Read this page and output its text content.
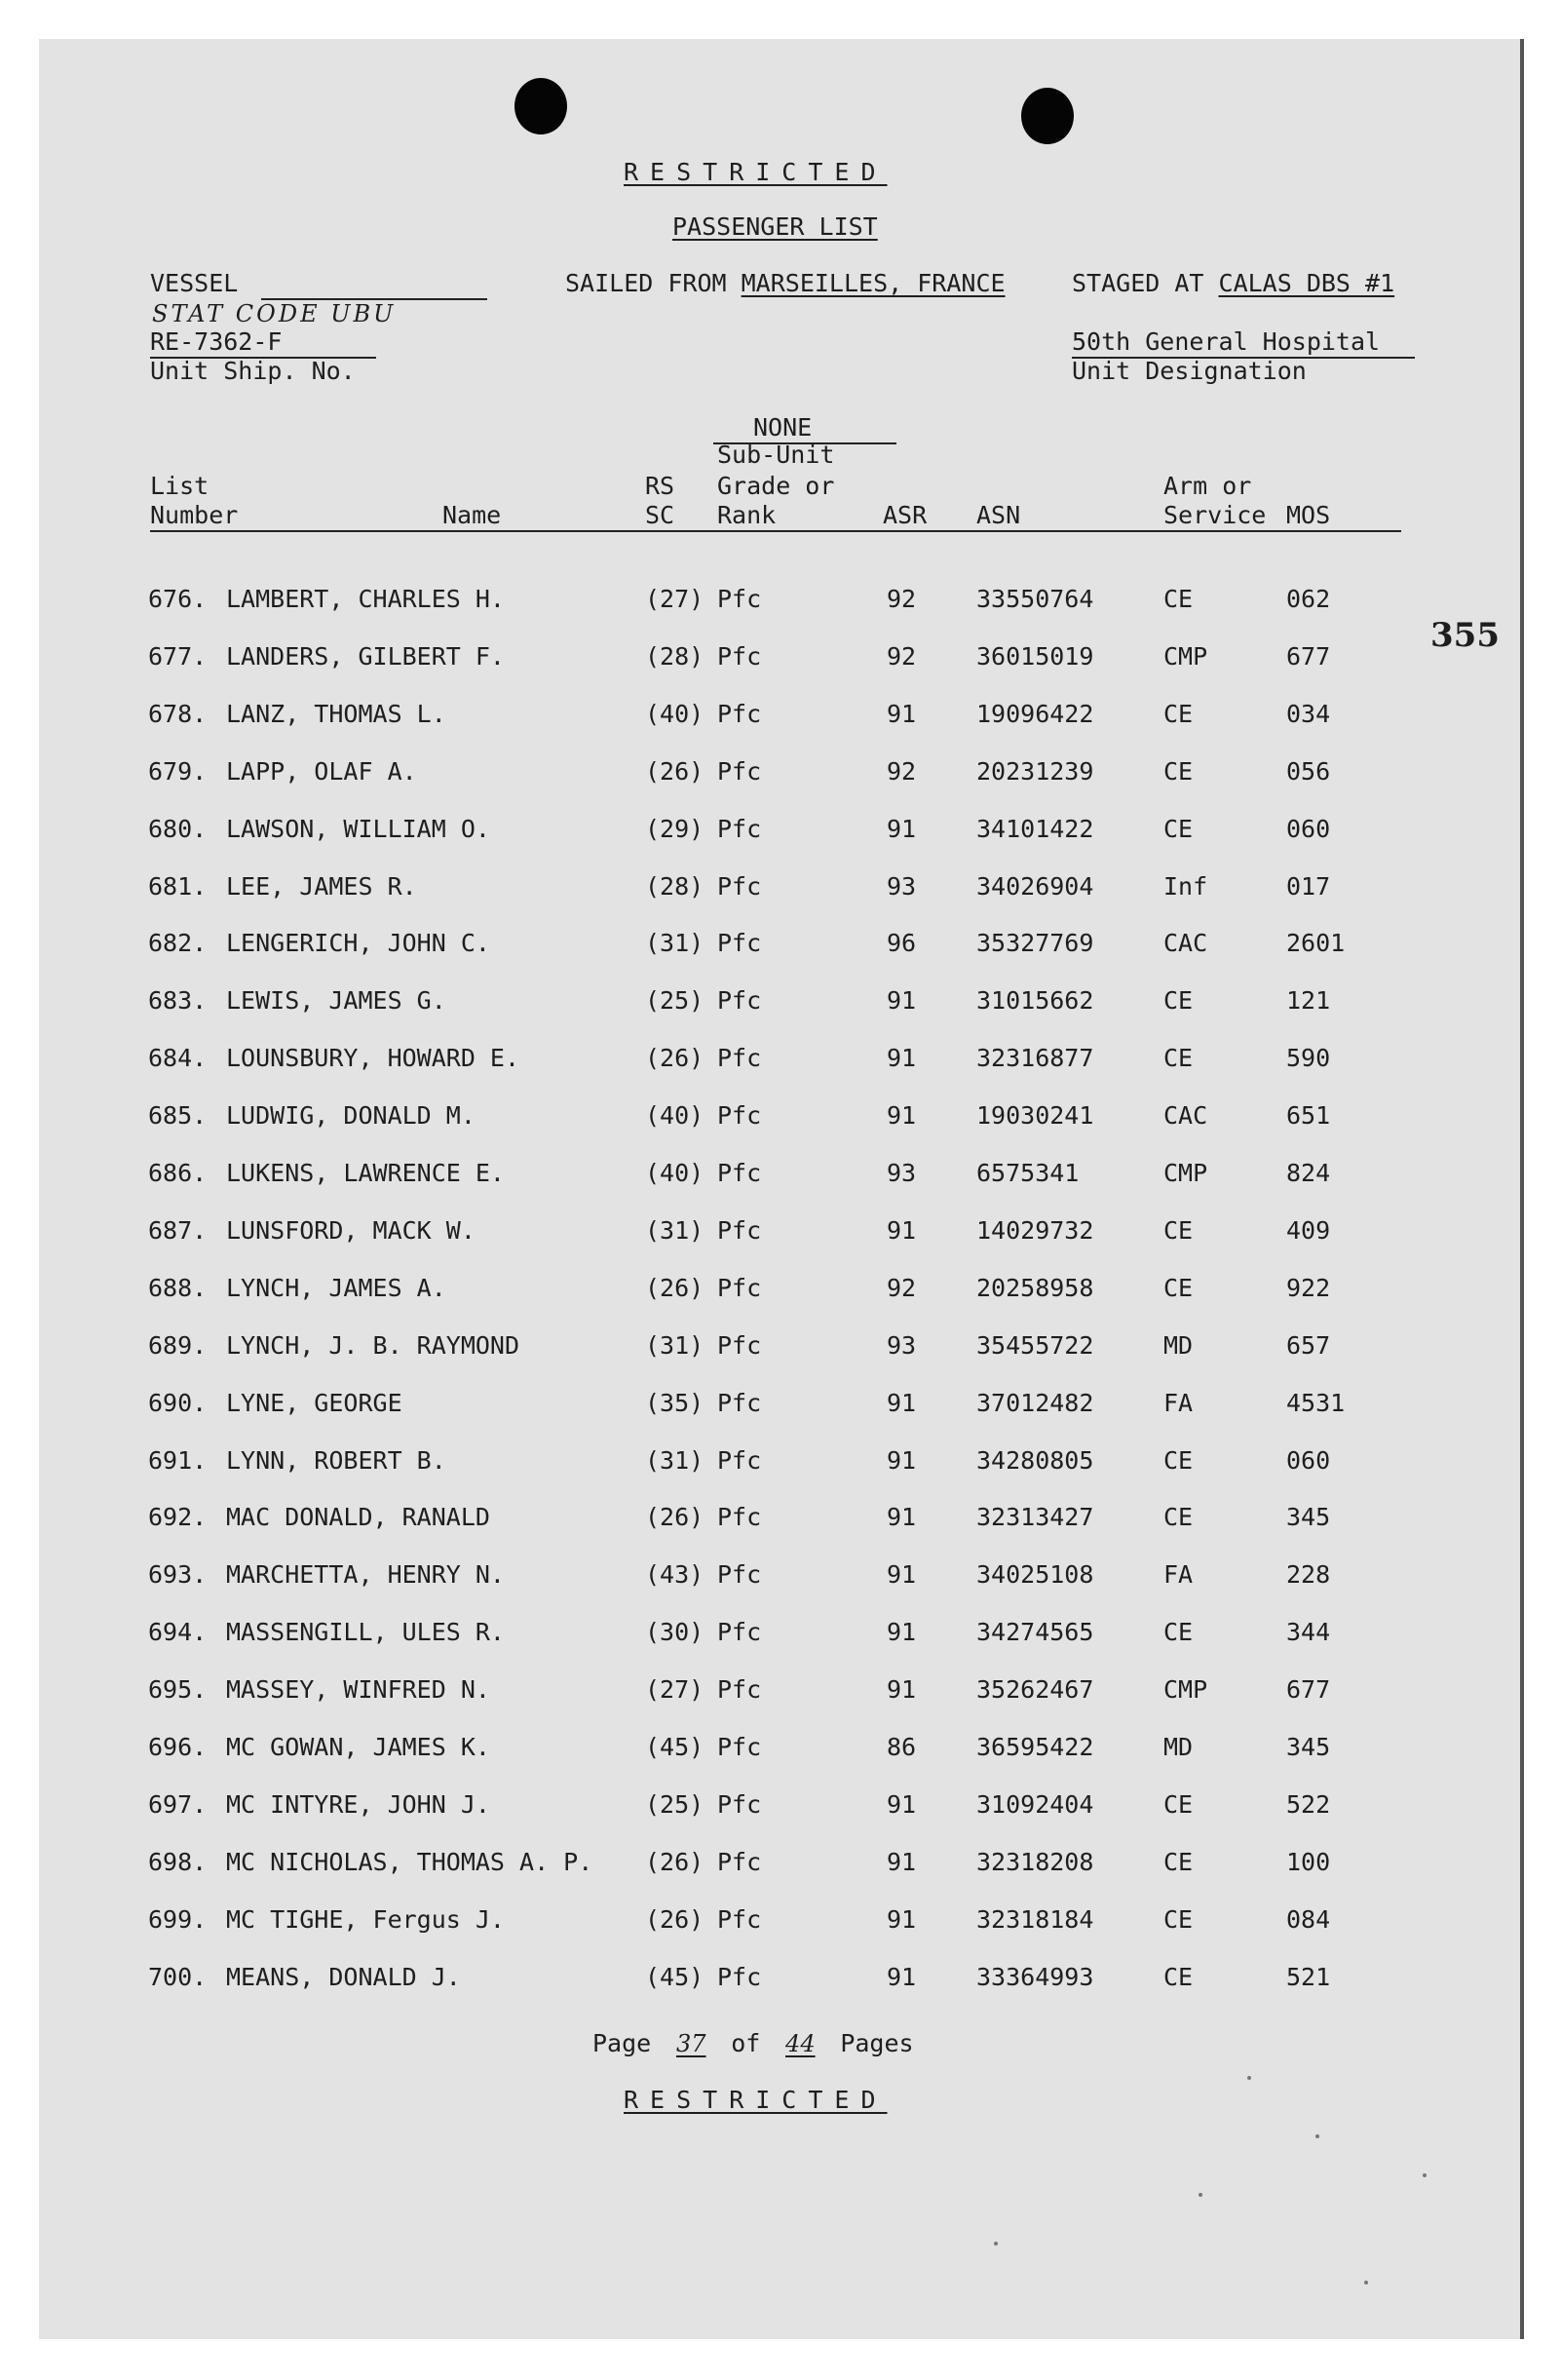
RESTRICTED
PASSENGER LIST
VESSEL	SAILED FROM MARSEILLES, FRANCE	STAGED AT CALAS DBS #1
STAT CODE UBU
RE-7362-F
Unit Ship. No.
50th General Hospital
Unit Designation
355
NONE
Sub-Unit
List
Number	Name
RS
SC
Grade or
Rank	ASR ASN
Arm or
Service MOS
676. LAMBERT, CHARLES H.	(27) Pfc	92 33550764	CE	062
677. LANDERS, GILBERT F.	(28) Pfc	92 36015019	CMP	677
678. LANZ, THOMAS L.	(40) Pfc	91 19096422	CE	034
679. LAPP, OLAF A.	(26) Pfc	92 20231239	CE	056
680. LAWSON, WILLIAM O.	(29) Pfc	91 34101422	CE	060
681. LEE, JAMES R.	(28) Pfc	93 34026904	Inf	017
682. LENGERICH, JOHN C.	(31) Pfc	96 35327769	CAC	2601
683. LEWIS, JAMES G.	(25) Pfc	91 31015662	CE	121
684. LOUNSBURY, HOWARD E.	(26) Pfc	91 32316877	CE	590
685. LUDWIG, DONALD M.	(40) Pfc	91 19030241	CAC	651
686. LUKENS, LAWRENCE E.	(40) Pfc	93 6575341	CMP	824
687. LUNSFORD, MACK W.	(31) Pfc	91 14029732	CE	409
688. LYNCH, JAMES A.	(26) Pfc	92 20258958	CE	922
689. LYNCH, J. B. RAYMOND	(31) Pfc	93 35455722	MD	657
690. LYNE, GEORGE	(35) Pfc	91 37012482	FA	4531
691. LYNN, ROBERT B.	(31) Pfc	91 34280805	CE	060
692. MAC DONALD, RANALD	(26) Pfc	91 32313427	CE	345
693. MARCHETTA, HENRY N.	(43) Pfc	91 34025108	FA	228
694. MASSENGILL, ULES R.	(30) Pfc	91 34274565	CE	344
695. MASSEY, WINFRED N.	(27) Pfc	91 35262467	CMP	677
696. MC GOWAN, JAMES K.	(45) Pfc	86 36595422	MD	345
697. MC INTYRE, JOHN J.	(25) Pfc	91 31092404	CE	522
698. MC NICHOLAS, THOMAS A. P. (26) Pfc	91 32318208	CE	100
699. MC TIGHE, Fergus J.	(26) Pfc	91 32318184	CE	084
700. MEANS, DONALD J.	(45) Pfc	91 33364993	CE	521
Page 37 of 44 Pages
RESTRICTED
